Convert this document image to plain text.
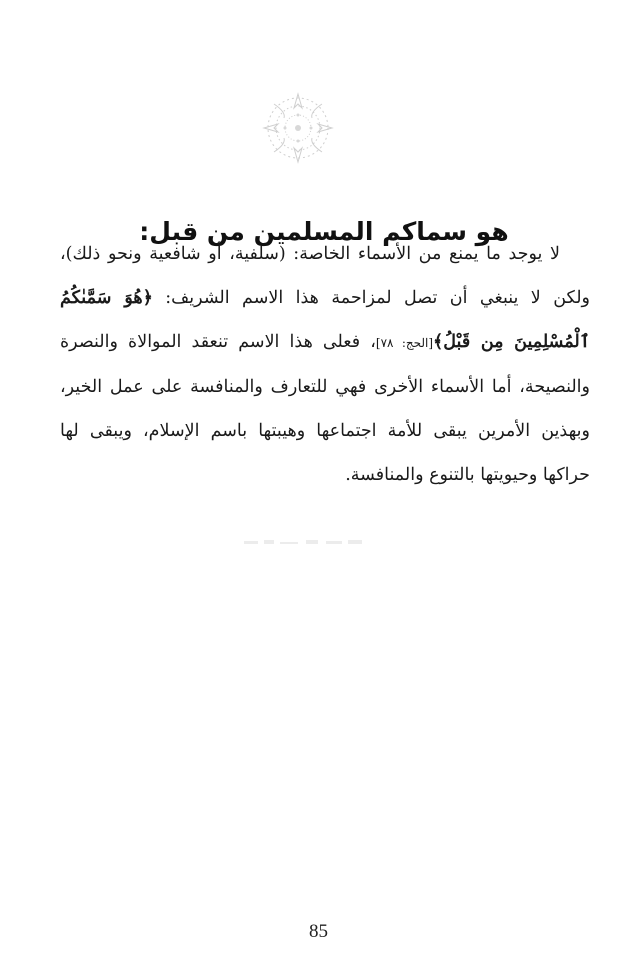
هو سماكم المسلمين من قبل:

لا يوجد ما يمنع من الأسماء الخاصة: (سلفية، أو شافعية ونحو ذلك)، ولكن لا ينبغي أن تصل لمزاحمة هذا الاسم الشريف: ﴿هُوَ سَمَّىٰكُمُ ٱلْمُسْلِمِينَ مِن قَبْلُ﴾[الحج: ٧٨]، فعلى هذا الاسم تنعقد الموالاة والنصرة والنصيحة، أما الأسماء الأخرى فهي للتعارف والمنافسة على عمل الخير، وبهذين الأمرين يبقى للأمة اجتماعها وهيبتها باسم الإسلام، ويبقى لها حراكها وحيويتها بالتنوع والمنافسة.

85
